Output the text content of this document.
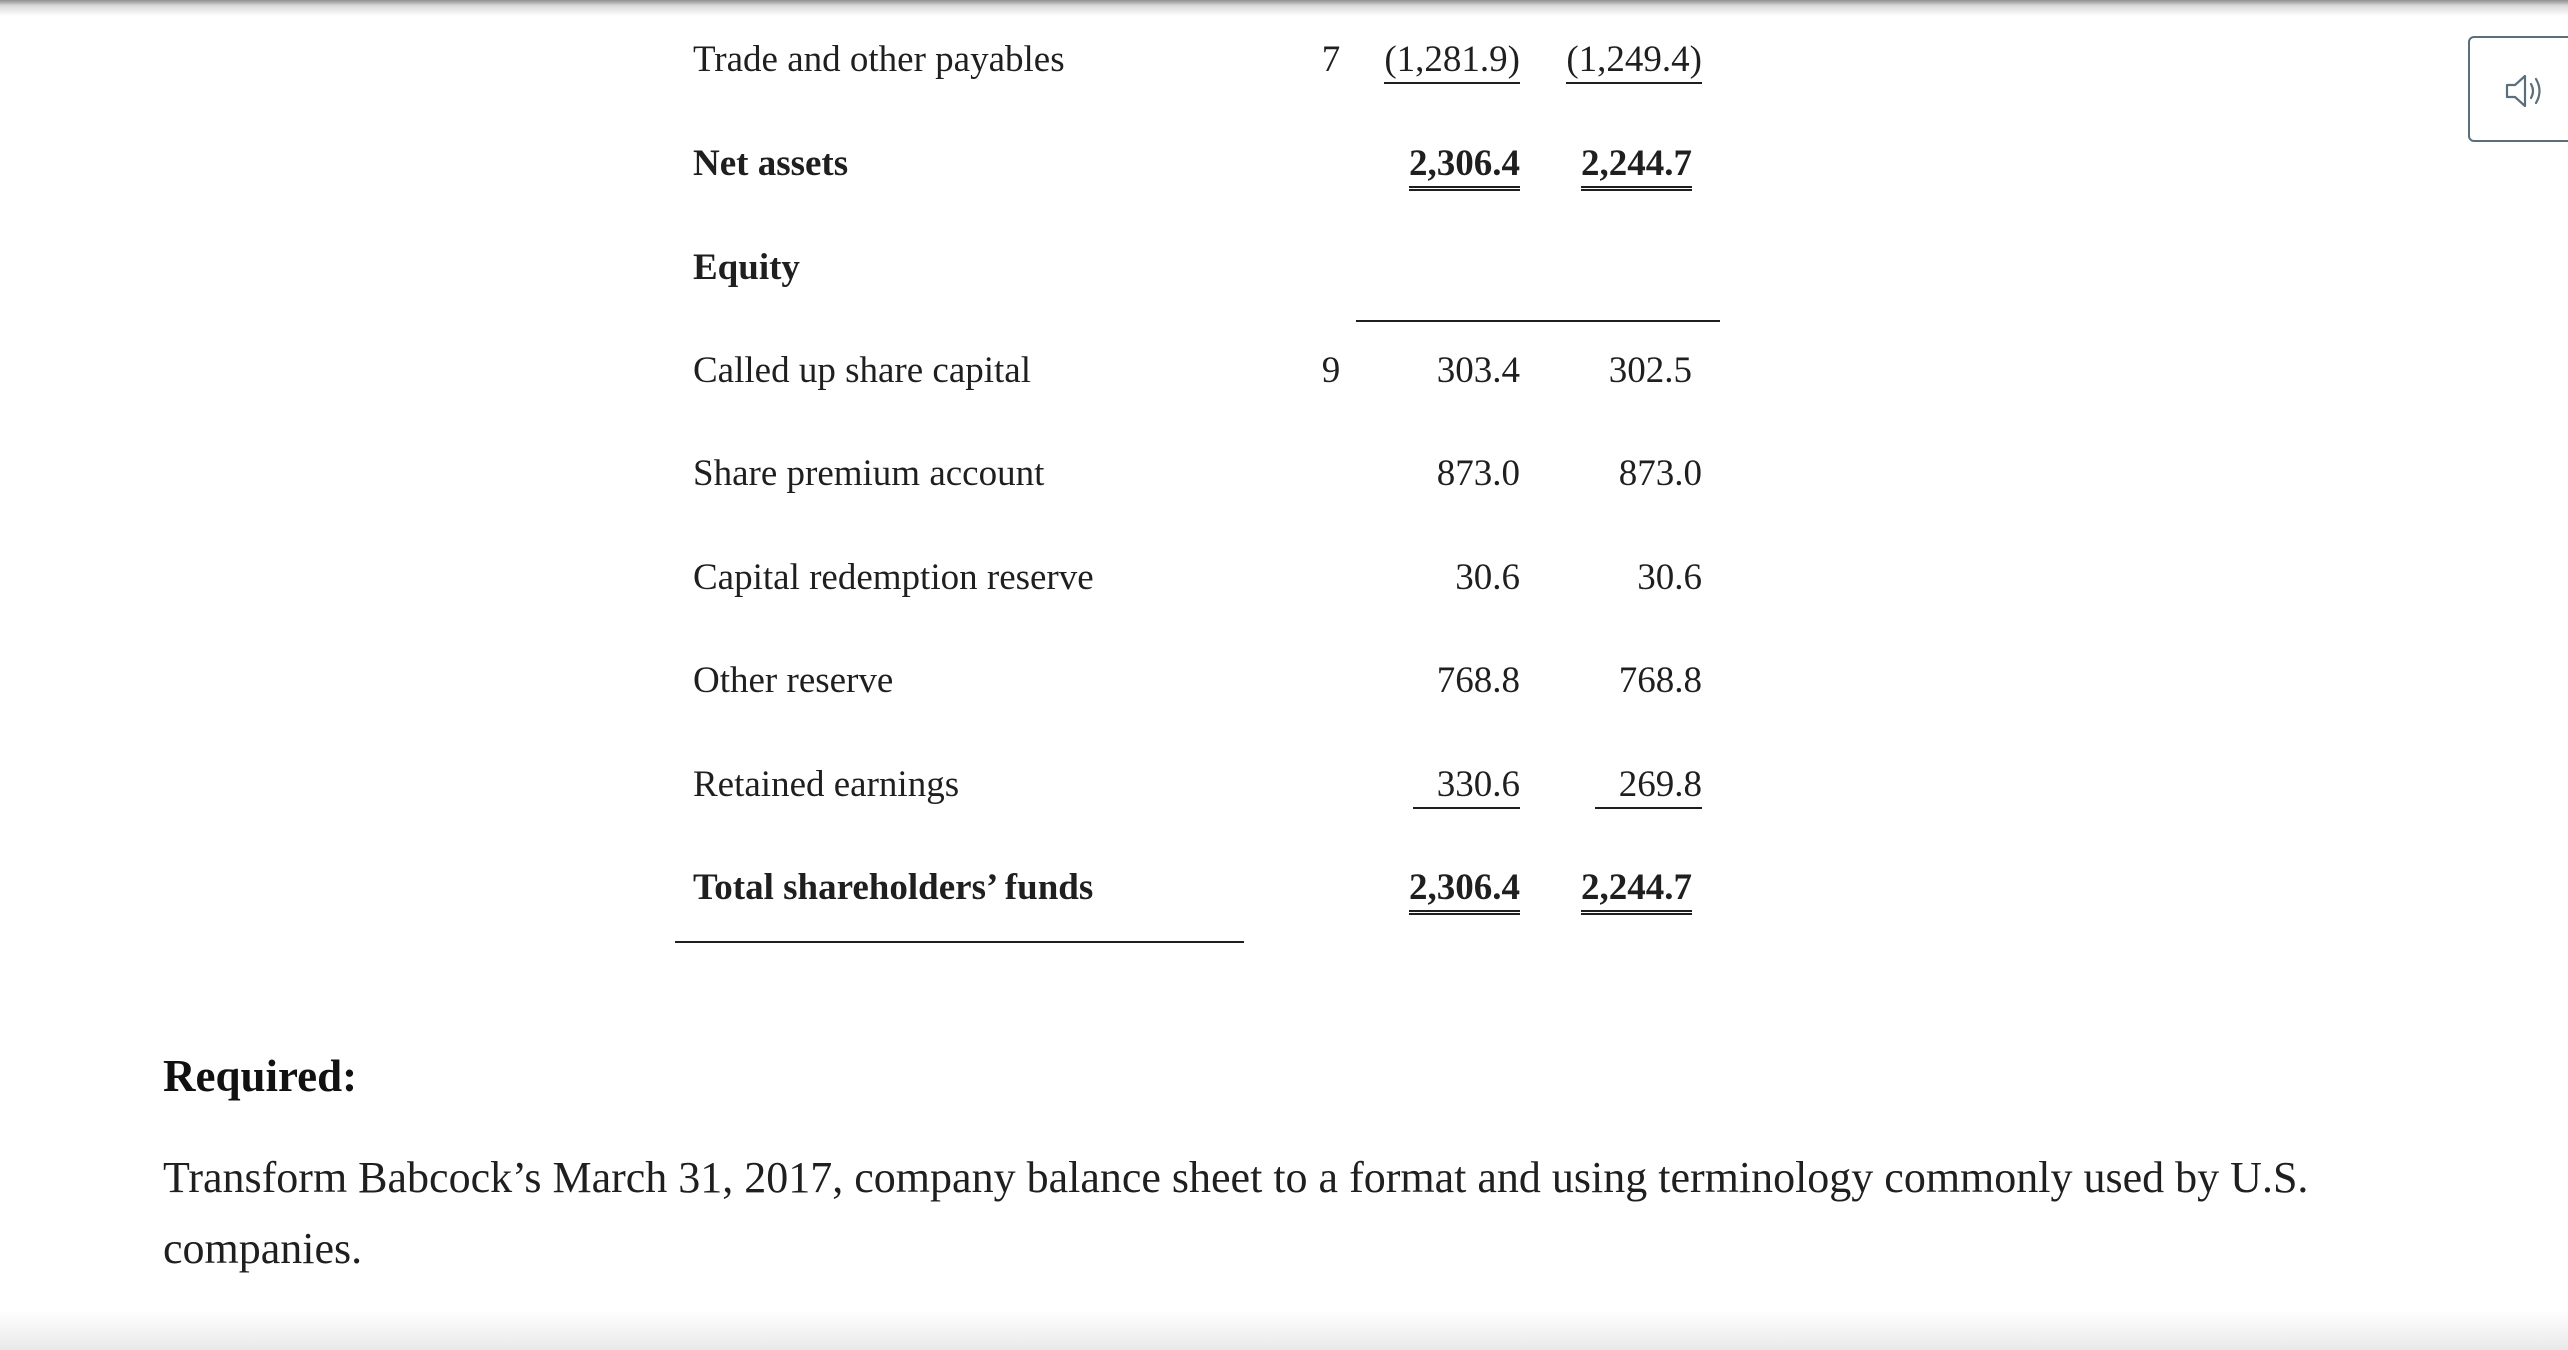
Trade and other payables	7 (1,281.9) (1,249.4)
Net assets	2,306.4	2,244.7
Equity
Called up share capital	9	303.4	302.5
Share premium account	873.0	873.0
Capital redemption reserve	30.6	30.6
Other reserve	768.8	768.8
Retained earnings	330.6	269.8
Total shareholders’ funds	2,306.4	2,244.7
Required:
Transform Babcock’s March 31, 2017, company balance sheet to a format and using terminology commonly used by U.S. companies.
